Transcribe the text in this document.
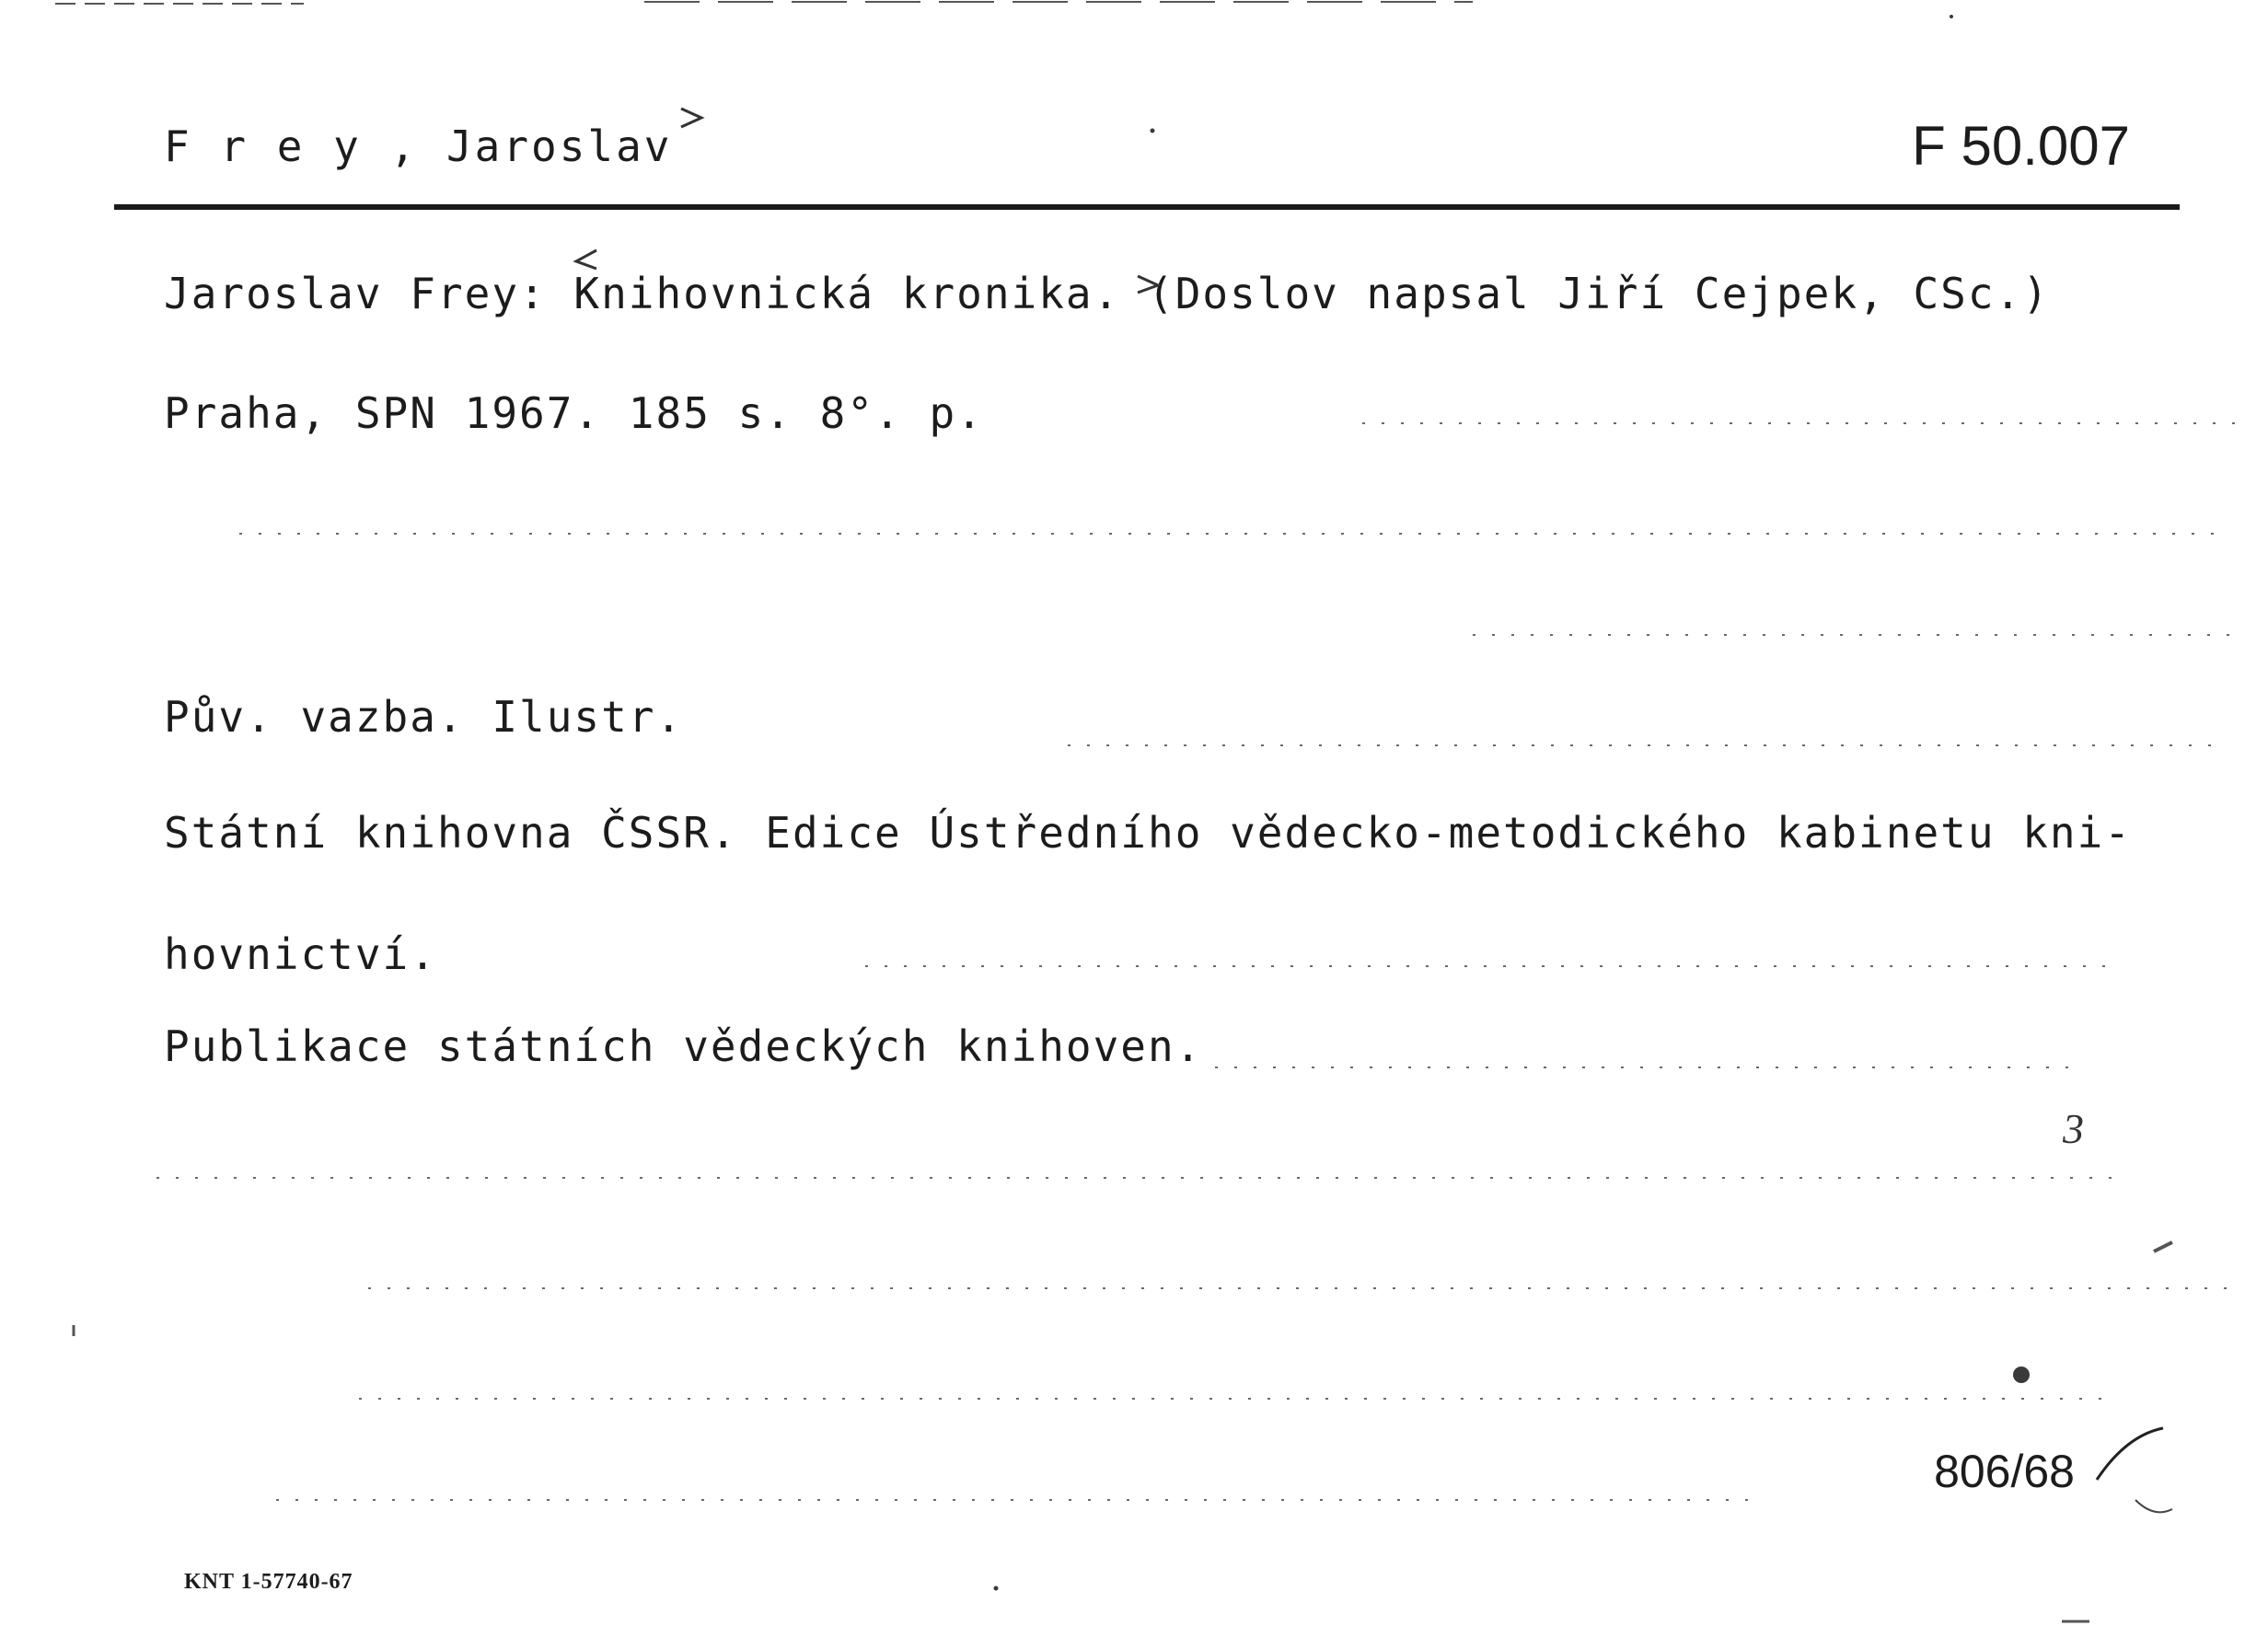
F r e y , Jaroslav	F 50.007
Jaroslav Frey: Knihovnická kronika. (Doslov napsal Jiří Cejpek, CSc.)
Praha, SPN 1967. 185 s. 8°. p.
Pův. vazba. Ilustr.
Státní knihovna ČSSR. Edice Ústředního vědecko-metodického kabinetu kni-
hovnictví.
Publikace státních vědeckých knihoven.
3
806/68
KNT 1-57740-67
